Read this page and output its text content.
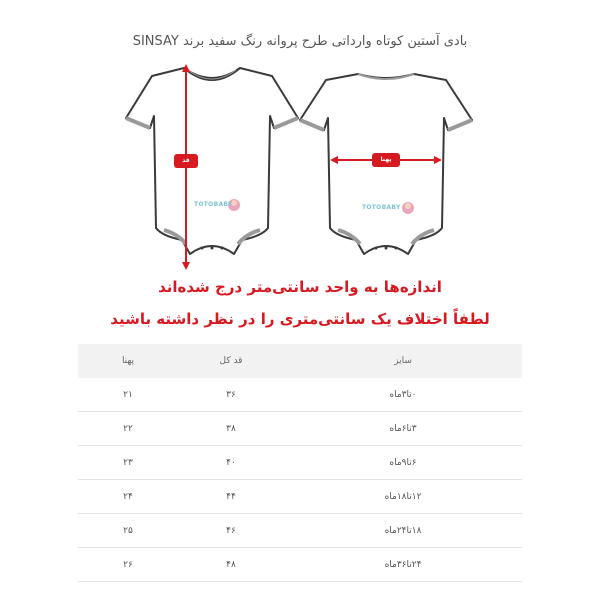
بادی آستین کوتاه وارداتی طرح پروانه رنگ سفید برند SINSAY
قد
TOTOBABY
پهنا
TOTOBABY
اندازه‌ها به واحد سانتی‌متر درج شده‌اند
لطفاً اختلاف یک سانتی‌متری را در نظر داشته باشید
سایز	قد کل	پهنا
۰تا۳ماه	۳۶	۲۱
۳تا۶ماه	۳۸	۲۲
۶تا۹ماه	۴۰	۲۳
۱۲تا۱۸ماه	۴۴	۲۴
۱۸تا۲۴ماه	۴۶	۲۵
۲۴تا۳۶ماه	۴۸	۲۶
